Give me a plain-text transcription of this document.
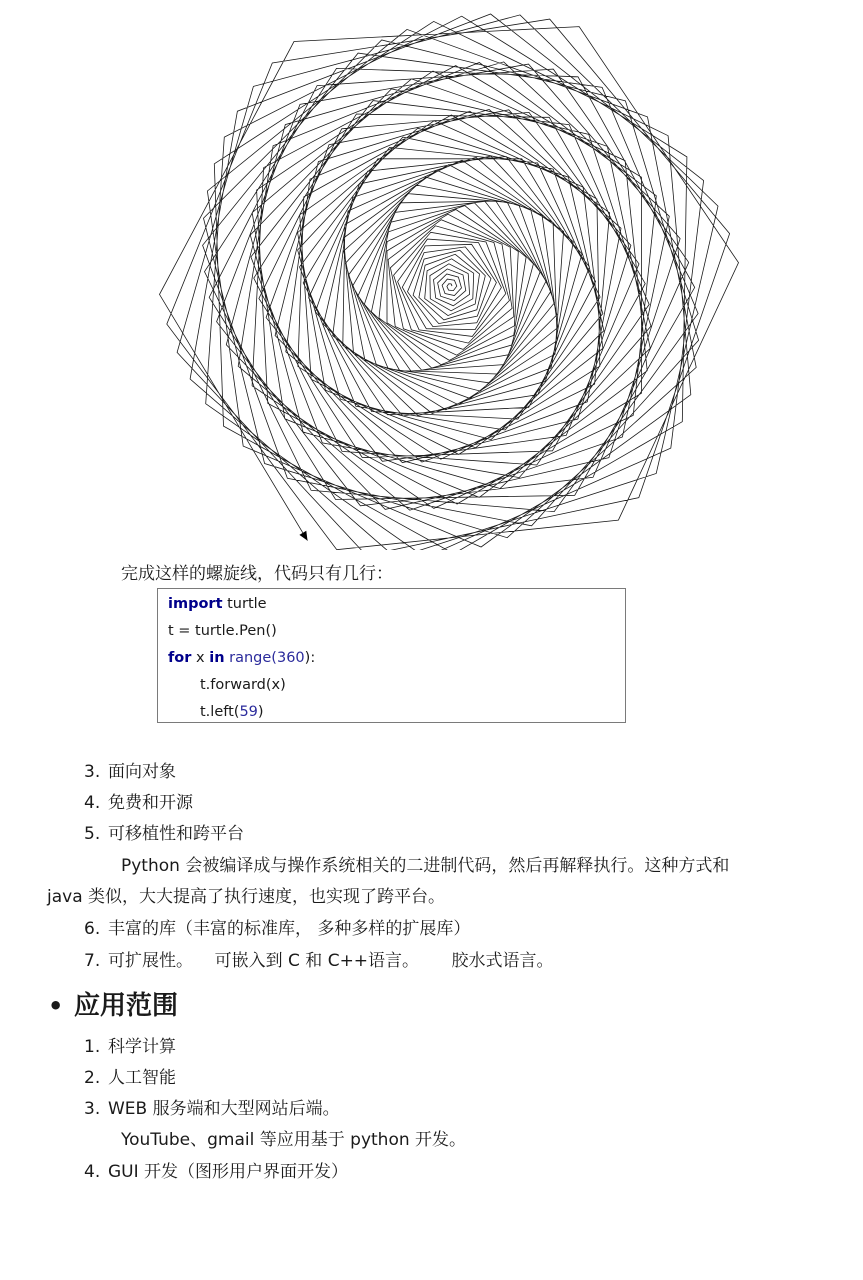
完成这样的螺旋线，代码只有几行：
import turtle
t = turtle.Pen()
for x in range(360):
t.forward(x)
t.left(59)
3. 面向对象
4. 免费和开源
5. 可移植性和跨平台
Python 会被编译成与操作系统相关的二进制代码，然后再解释执行。这种方式和
java 类似，大大提高了执行速度，也实现了跨平台。
6. 丰富的库（丰富的标准库， 多种多样的扩展库）
7. 可扩展性。    可嵌入到 C 和 C++语言。      胶水式语言。
• 应用范围
1. 科学计算
2. 人工智能
3. WEB 服务端和大型网站后端。
YouTube、gmail 等应用基于 python 开发。
4. GUI 开发（图形用户界面开发）
